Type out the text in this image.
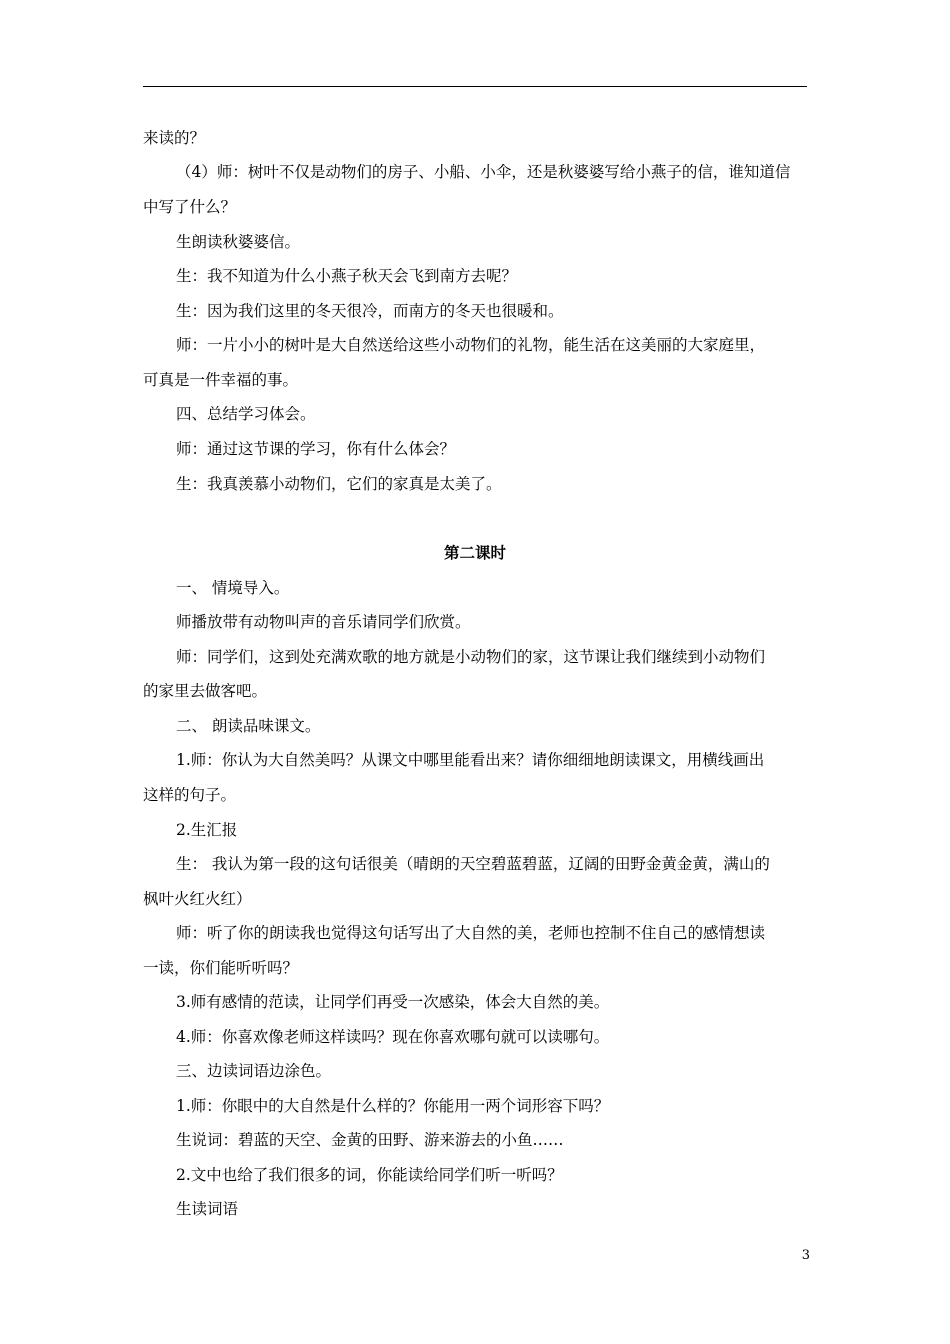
来读的？
（4）师：树叶不仅是动物们的房子、小船、小伞，还是秋婆婆写给小燕子的信，谁知道信
中写了什么？
生朗读秋婆婆信。
生：我不知道为什么小燕子秋天会飞到南方去呢？
生：因为我们这里的冬天很冷，而南方的冬天也很暖和。
师：一片小小的树叶是大自然送给这些小动物们的礼物，能生活在这美丽的大家庭里，
可真是一件幸福的事。
四、总结学习体会。
师：通过这节课的学习，你有什么体会？
生：我真羡慕小动物们，它们的家真是太美了。
第二课时
一、 情境导入。
师播放带有动物叫声的音乐请同学们欣赏。
师：同学们，这到处充满欢歌的地方就是小动物们的家，这节课让我们继续到小动物们
的家里去做客吧。
二、 朗读品味课文。
1.师：你认为大自然美吗？从课文中哪里能看出来？请你细细地朗读课文，用横线画出
这样的句子。
2.生汇报
生： 我认为第一段的这句话很美（晴朗的天空碧蓝碧蓝，辽阔的田野金黄金黄，满山的
枫叶火红火红）
师：听了你的朗读我也觉得这句话写出了大自然的美，老师也控制不住自己的感情想读
一读，你们能听听吗？
3.师有感情的范读，让同学们再受一次感染，体会大自然的美。
4.师：你喜欢像老师这样读吗？现在你喜欢哪句就可以读哪句。
三、边读词语边涂色。
1.师：你眼中的大自然是什么样的？你能用一两个词形容下吗？
生说词：碧蓝的天空、金黄的田野、游来游去的小鱼……
2.文中也给了我们很多的词，你能读给同学们听一听吗？
生读词语
3
